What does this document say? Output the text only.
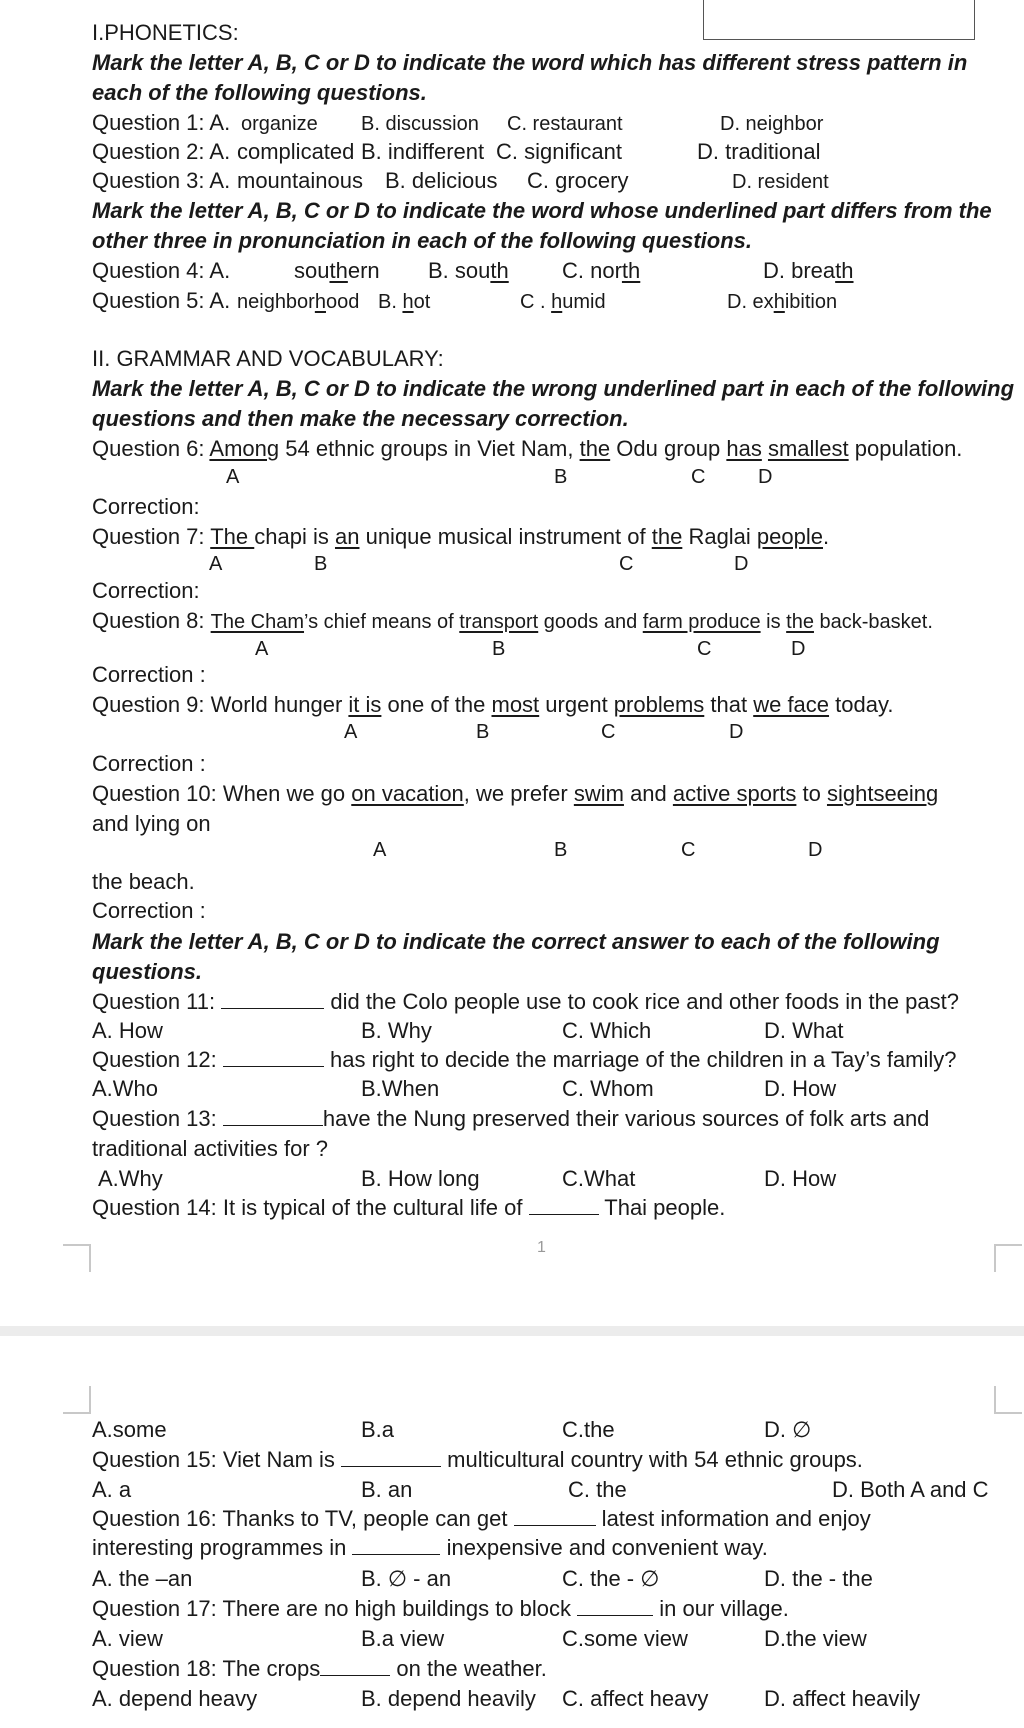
I.PHONETICS:
Mark the letter A, B, C or D to indicate the word which has different stress pattern in
each of the following questions.
Question 1: A. organize B. discussion C. restaurant	D. neighbor
Question 2: A. complicated B. indifferent C. significant	D. traditional
Question 3: A. mountainous B. delicious C. grocery	D. resident
Mark the letter A, B, C or D to indicate the word whose underlined part differs from the
other three in pronunciation in each of the following questions.
Question 4: A.	southern B. south C. north	D. breath
Question 5: A. neighborhood B. hot	C . humid	D. exhibition
II. GRAMMAR AND VOCABULARY:
Mark the letter A, B, C or D to indicate the wrong underlined part in each of the following
questions and then make the necessary correction.
Question 6: Among 54 ethnic groups in Viet Nam, the Odu group has smallest population.
A	B	C	D
Correction:
Question 7: The chapi is an unique musical instrument of the Raglai people.
A	B	C	D
Correction:
Question 8: The Cham’s chief means of transport goods and farm produce is the back-basket.
A	B	C	D
Correction :
Question 9: World hunger it is one of the most urgent problems that we face today.
A	B	C	D
Correction :
Question 10: When we go on vacation, we prefer swim and active sports to sightseeing
and lying on
A	B	C	D
the beach.
Correction :
Mark the letter A, B, C or D to indicate the correct answer to each of the following
questions.
Question 11:	did the Colo people use to cook rice and other foods in the past?
A. How	B. Why	C. Which	D. What
Question 12:	has right to decide the marriage of the children in a Tay’s family?
A.Who	B.When	C. Whom	D. How
Question 13:	have the Nung preserved their various sources of folk arts and
traditional activities for ?
A.Why	B. How long	C.What	D. How
Question 14: It is typical of the cultural life of	Thai people.
1
A.some	B.a	C.the	D. ∅
Question 15: Viet Nam is	multicultural country with 54 ethnic groups.
A. a	B. an	C. the	D. Both A and C
Question 16: Thanks to TV, people can get	latest information and enjoy
interesting programmes in	inexpensive and convenient way.
A. the –an	B. ∅ - an	C. the - ∅	D. the - the
Question 17: There are no high buildings to block	in our village.
A. view	B.a view	C.some view	D.the view
Question 18: The crops	on the weather.
A. depend heavy	B. depend heavily C. affect heavy	D. affect heavily
